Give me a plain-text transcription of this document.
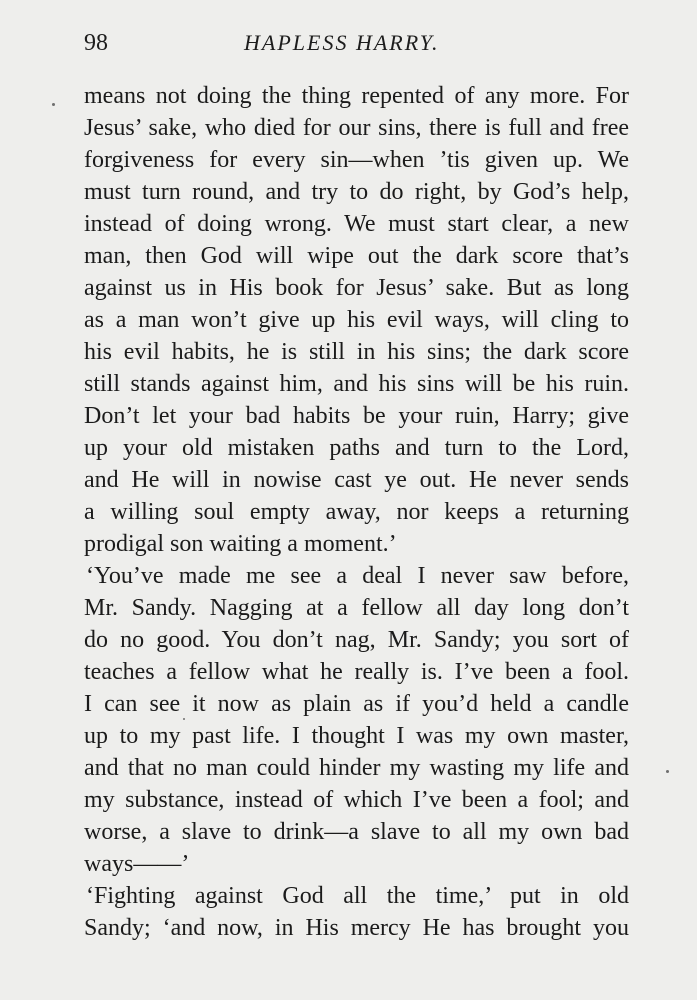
98	HAPLESS HARRY.
means not doing the thing repented of any more. For
Jesus’ sake, who died for our sins, there is full and free
forgiveness for every sin—when ’tis given up. We
must turn round, and try to do right, by God’s help,
instead of doing wrong. We must start clear, a new
man, then God will wipe out the dark score that’s
against us in His book for Jesus’ sake. But as long
as a man won’t give up his evil ways, will cling to
his evil habits, he is still in his sins; the dark score
still stands against him, and his sins will be his ruin.
Don’t let your bad habits be your ruin, Harry; give
up your old mistaken paths and turn to the Lord,
and He will in nowise cast ye out. He never sends
a willing soul empty away, nor keeps a returning
prodigal son waiting a moment.’
‘You’ve made me see a deal I never saw before,
Mr. Sandy. Nagging at a fellow all day long don’t
do no good. You don’t nag, Mr. Sandy; you sort of
teaches a fellow what he really is. I’ve been a fool.
I can see it now as plain as if you’d held a candle
up to my past life. I thought I was my own master,
and that no man could hinder my wasting my life and
my substance, instead of which I’ve been a fool; and
worse, a slave to drink—a slave to all my own bad
ways——’
‘Fighting against God all the time,’ put in old
Sandy; ‘and now, in His mercy He has brought you
